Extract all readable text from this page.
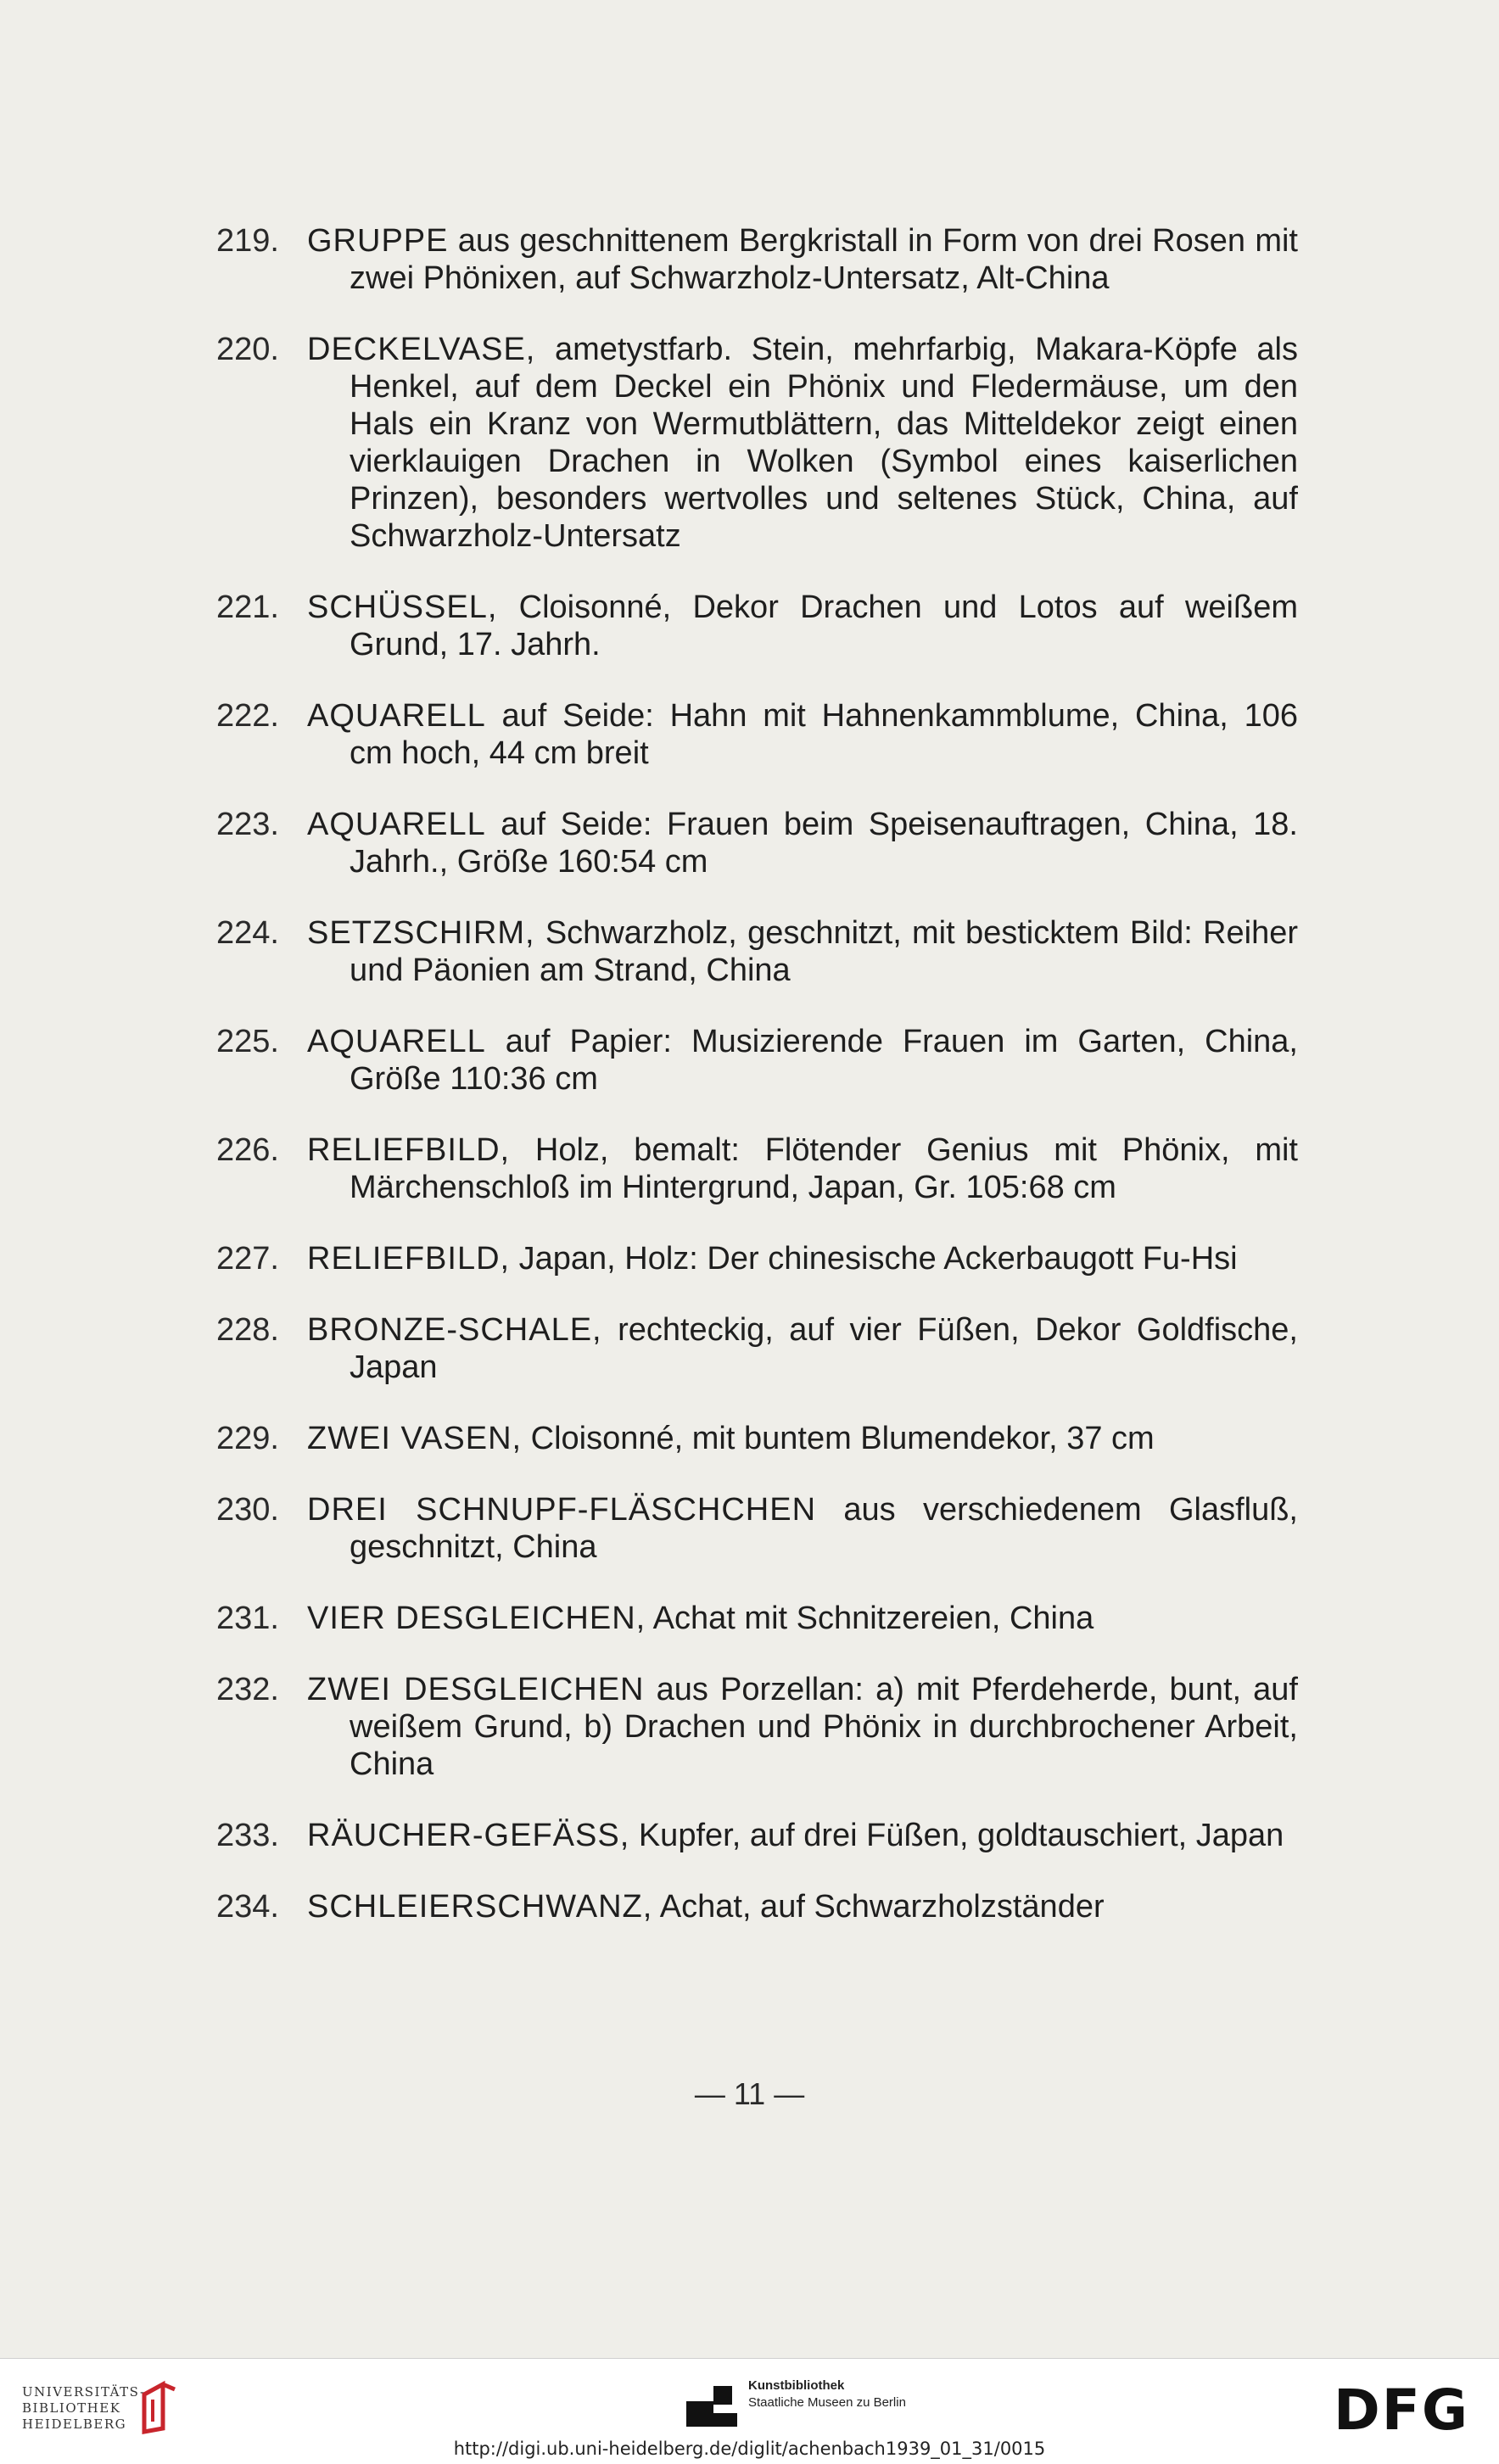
219. GRUPPE aus geschnittenem Bergkristall in Form von drei Rosen mit zwei Phönixen, auf Schwarzholz-Untersatz, Alt-China
220. DECKELVASE, ametystfarb. Stein, mehrfarbig, Makara-Köpfe als Henkel, auf dem Deckel ein Phönix und Fledermäuse, um den Hals ein Kranz von Wermutblättern, das Mitteldekor zeigt einen vierklauigen Drachen in Wolken (Symbol eines kaiserlichen Prinzen), besonders wertvolles und seltenes Stück, China, auf Schwarzholz-Untersatz
221. SCHÜSSEL, Cloisonné, Dekor Drachen und Lotos auf weißem Grund, 17. Jahrh.
222. AQUARELL auf Seide: Hahn mit Hahnenkammblume, China, 106 cm hoch, 44 cm breit
223. AQUARELL auf Seide: Frauen beim Speisenauftragen, China, 18. Jahrh., Größe 160:54 cm
224. SETZSCHIRM, Schwarzholz, geschnitzt, mit besticktem Bild: Reiher und Päonien am Strand, China
225. AQUARELL auf Papier: Musizierende Frauen im Garten, China, Größe 110:36 cm
226. RELIEFBILD, Holz, bemalt: Flötender Genius mit Phönix, mit Märchenschloß im Hintergrund, Japan, Gr. 105:68 cm
227. RELIEFBILD, Japan, Holz: Der chinesische Ackerbaugott Fu-Hsi
228. BRONZE-SCHALE, rechteckig, auf vier Füßen, Dekor Goldfische, Japan
229. ZWEI VASEN, Cloisonné, mit buntem Blumendekor, 37 cm
230. DREI SCHNUPF-FLÄSCHCHEN aus verschiedenem Glasfluß, geschnitzt, China
231. VIER DESGLEICHEN, Achat mit Schnitzereien, China
232. ZWEI DESGLEICHEN aus Porzellan: a) mit Pferdeherde, bunt, auf weißem Grund, b) Drachen und Phönix in durchbrochener Arbeit, China
233. RÄUCHER-GEFÄSS, Kupfer, auf drei Füßen, goldtauschiert, Japan
234. SCHLEIERSCHWANZ, Achat, auf Schwarzholzständer
— 11 —
UNIVERSITÄTS-
BIBLIOTHEK
HEIDELBERG
Kunstbibliothek
Staatliche Museen zu Berlin	DFG
http://digi.ub.uni-heidelberg.de/diglit/achenbach1939_01_31/0015
